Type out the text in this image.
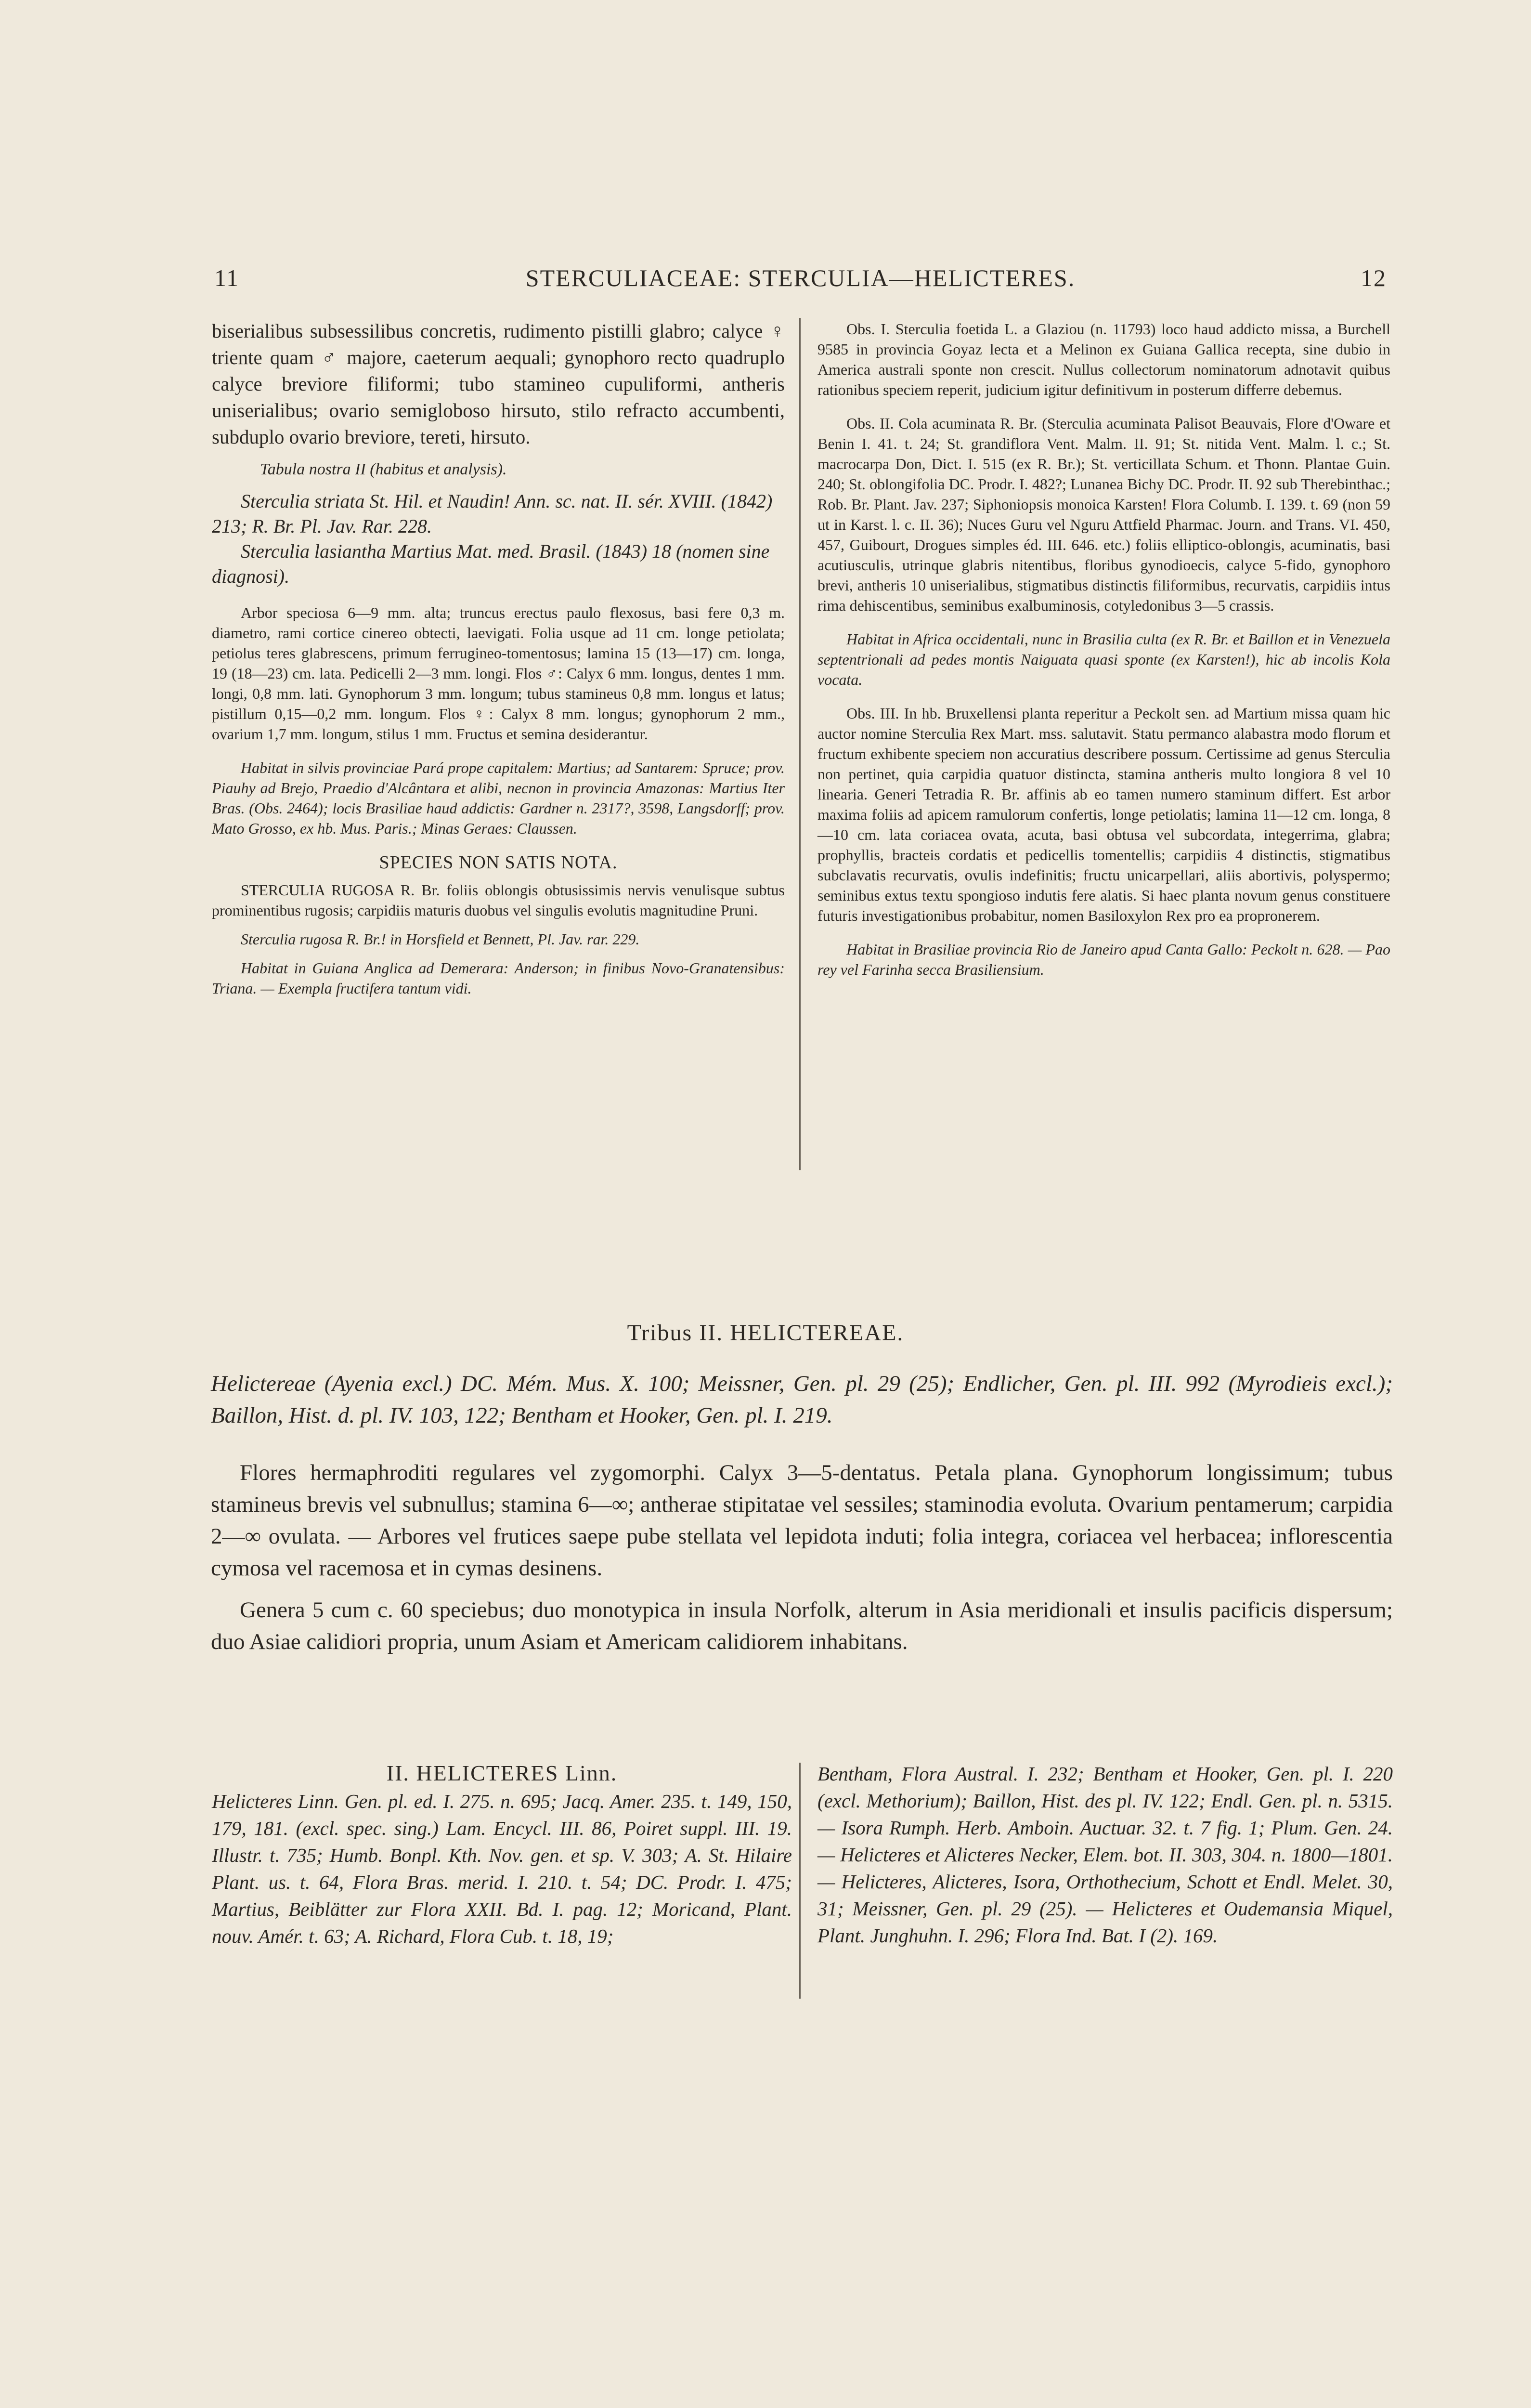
11	STERCULIACEAE: STERCULIA—HELICTERES.	12

biserialibus subsessilibus concretis, rudimento pistilli glabro; calyce ♀ triente quam ♂ majore, caeterum aequali; gynophoro recto quadruplo calyce breviore filiformi; tubo stamineo cupuliformi, antheris uniserialibus; ovario semigloboso hirsuto, stilo refracto accumbenti, subduplo ovario breviore, tereti, hirsuto.

Tabula nostra II (habitus et analysis).

Sterculia striata St. Hil. et Naudin! Ann. sc. nat. II. sér. XVIII. (1842) 213; R. Br. Pl. Jav. Rar. 228.

Sterculia lasiantha Martius Mat. med. Brasil. (1843) 18 (nomen sine diagnosi).

Arbor speciosa 6—9 mm. alta; truncus erectus paulo flexosus, basi fere 0,3 m. diametro, rami cortice cinereo obtecti, laevigati. Folia usque ad 11 cm. longe petiolata; petiolus teres glabrescens, primum ferrugineo-tomentosus; lamina 15 (13—17) cm. longa, 19 (18—23) cm. lata. Pedicelli 2—3 mm. longi. Flos ♂: Calyx 6 mm. longus, dentes 1 mm. longi, 0,8 mm. lati. Gynophorum 3 mm. longum; tubus stamineus 0,8 mm. longus et latus; pistillum 0,15—0,2 mm. longum. Flos ♀: Calyx 8 mm. longus; gynophorum 2 mm., ovarium 1,7 mm. longum, stilus 1 mm. Fructus et semina desiderantur.

Habitat in silvis provinciae Pará prope capitalem: Martius; ad Santarem: Spruce; prov. Piauhy ad Brejo, Praedio d'Alcântara et alibi, necnon in provincia Amazonas: Martius Iter Bras. (Obs. 2464); locis Brasiliae haud addictis: Gardner n. 2317?, 3598, Langsdorff; prov. Mato Grosso, ex hb. Mus. Paris.; Minas Geraes: Claussen.

SPECIES NON SATIS NOTA.

STERCULIA RUGOSA R. Br. foliis oblongis obtusissimis nervis venulisque subtus prominentibus rugosis; carpidiis maturis duobus vel singulis evolutis magnitudine Pruni.

Sterculia rugosa R. Br.! in Horsfield et Bennett, Pl. Jav. rar. 229.

Habitat in Guiana Anglica ad Demerara: Anderson; in finibus Novo-Granatensibus: Triana. — Exempla fructifera tantum vidi.

Obs. I. Sterculia foetida L. a Glaziou (n. 11793) loco haud addicto missa, a Burchell 9585 in provincia Goyaz lecta et a Melinon ex Guiana Gallica recepta, sine dubio in America australi sponte non crescit. Nullus collectorum nominatorum adnotavit quibus rationibus speciem reperit, judicium igitur definitivum in posterum differre debemus.

Obs. II. Cola acuminata R. Br. (Sterculia acuminata Palisot Beauvais, Flore d'Oware et Benin I. 41. t. 24; St. grandiflora Vent. Malm. II. 91; St. nitida Vent. Malm. l. c.; St. macrocarpa Don, Dict. I. 515 (ex R. Br.); St. verticillata Schum. et Thonn. Plantae Guin. 240; St. oblongifolia DC. Prodr. I. 482?; Lunanea Bichy DC. Prodr. II. 92 sub Therebinthac.; Rob. Br. Plant. Jav. 237; Siphoniopsis monoica Karsten! Flora Columb. I. 139. t. 69 (non 59 ut in Karst. l. c. II. 36); Nuces Guru vel Nguru Attfield Pharmac. Journ. and Trans. VI. 450, 457, Guibourt, Drogues simples éd. III. 646. etc.) foliis elliptico-oblongis, acuminatis, basi acutiusculis, utrinque glabris nitentibus, floribus gynodioecis, calyce 5-fido, gynophoro brevi, antheris 10 uniserialibus, stigmatibus distinctis filiformibus, recurvatis, carpidiis intus rima dehiscentibus, seminibus exalbuminosis, cotyledonibus 3—5 crassis.

Habitat in Africa occidentali, nunc in Brasilia culta (ex R. Br. et Baillon et in Venezuela septentrionali ad pedes montis Naiguata quasi sponte (ex Karsten!), hic ab incolis Kola vocata.

Obs. III. In hb. Bruxellensi planta reperitur a Peckolt sen. ad Martium missa quam hic auctor nomine Sterculia Rex Mart. mss. salutavit. Statu permanco alabastra modo florum et fructum exhibente speciem non accuratius describere possum. Certissime ad genus Sterculia non pertinet, quia carpidia quatuor distincta, stamina antheris multo longiora 8 vel 10 linearia. Generi Tetradia R. Br. affinis ab eo tamen numero staminum differt. Est arbor maxima foliis ad apicem ramulorum confertis, longe petiolatis; lamina 11—12 cm. longa, 8—10 cm. lata coriacea ovata, acuta, basi obtusa vel subcordata, integerrima, glabra; prophyllis, bracteis cordatis et pedicellis tomentellis; carpidiis 4 distinctis, stigmatibus subclavatis recurvatis, ovulis indefinitis; fructu unicarpellari, aliis abortivis, polyspermo; seminibus extus textu spongioso indutis fere alatis. Si haec planta novum genus constituere futuris investigationibus probabitur, nomen Basiloxylon Rex pro ea propronerem.

Habitat in Brasiliae provincia Rio de Janeiro apud Canta Gallo: Peckolt n. 628. — Pao rey vel Farinha secca Brasiliensium.

Tribus II. HELICTEREAE.

Helictereae (Ayenia excl.) DC. Mém. Mus. X. 100; Meissner, Gen. pl. 29 (25); Endlicher, Gen. pl. III. 992 (Myrodieis excl.); Baillon, Hist. d. pl. IV. 103, 122; Bentham et Hooker, Gen. pl. I. 219.

Flores hermaphroditi regulares vel zygomorphi. Calyx 3—5-dentatus. Petala plana. Gynophorum longissimum; tubus stamineus brevis vel subnullus; stamina 6—∞; antherae stipitatae vel sessiles; staminodia evoluta. Ovarium pentamerum; carpidia 2—∞ ovulata. — Arbores vel frutices saepe pube stellata vel lepidota induti; folia integra, coriacea vel herbacea; inflorescentia cymosa vel racemosa et in cymas desinens.

Genera 5 cum c. 60 speciebus; duo monotypica in insula Norfolk, alterum in Asia meridionali et insulis pacificis dispersum; duo Asiae calidiori propria, unum Asiam et Americam calidiorem inhabitans.

II. HELICTERES Linn.

Helicteres Linn. Gen. pl. ed. I. 275. n. 695; Jacq. Amer. 235. t. 149, 150, 179, 181. (excl. spec. sing.) Lam. Encycl. III. 86, Poiret suppl. III. 19. Illustr. t. 735; Humb. Bonpl. Kth. Nov. gen. et sp. V. 303; A. St. Hilaire Plant. us. t. 64, Flora Bras. merid. I. 210. t. 54; DC. Prodr. I. 475; Martius, Beiblätter zur Flora XXII. Bd. I. pag. 12; Moricand, Plant. nouv. Amér. t. 63; A. Richard, Flora Cub. t. 18, 19;

Bentham, Flora Austral. I. 232; Bentham et Hooker, Gen. pl. I. 220 (excl. Methorium); Baillon, Hist. des pl. IV. 122; Endl. Gen. pl. n. 5315. — Isora Rumph. Herb. Amboin. Auctuar. 32. t. 7 fig. 1; Plum. Gen. 24. — Helicteres et Alicteres Necker, Elem. bot. II. 303, 304. n. 1800—1801. — Helicteres, Alicteres, Isora, Orthothecium, Schott et Endl. Melet. 30, 31; Meissner, Gen. pl. 29 (25). — Helicteres et Oudemansia Miquel, Plant. Junghuhn. I. 296; Flora Ind. Bat. I (2). 169.
